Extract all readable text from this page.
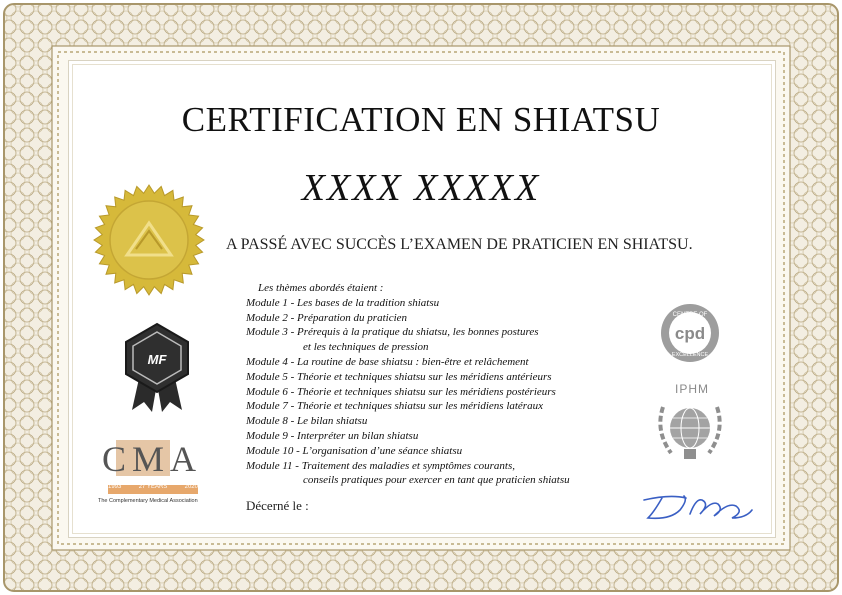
CERTIFICATION EN SHIATSU
XXXX XXXXX
A PASSÉ AVEC SUCCÈS L’EXAMEN DE PRATICIEN EN SHIATSU.
Les thèmes abordés étaient :
Module 1 - Les bases de la tradition shiatsu
Module 2 - Préparation du praticien
Module 3 - Prérequis à la pratique du shiatsu, les bonnes postures
et les techniques de pression
Module 4 - La routine de base shiatsu : bien-être et relâchement
Module 5 - Théorie et techniques shiatsu sur les méridiens antérieurs
Module 6 - Théorie et techniques shiatsu sur les méridiens postérieurs
Module 7 - Théorie et techniques shiatsu sur les méridiens latéraux
Module 8 - Le bilan shiatsu
Module 9 - Interpréter un bilan shiatsu
Module 10 - L’organisation d’une séance shiatsu
Module 11 - Traitement des maladies et symptômes courants,
conseils pratiques pour exercer en tant que praticien shiatsu
Décerné le :
MF
CMA
1993	27 YEARS	2020
The Complementary Medical Association
CENTRE OF
cpd
EXCELLENCE
IPHM
